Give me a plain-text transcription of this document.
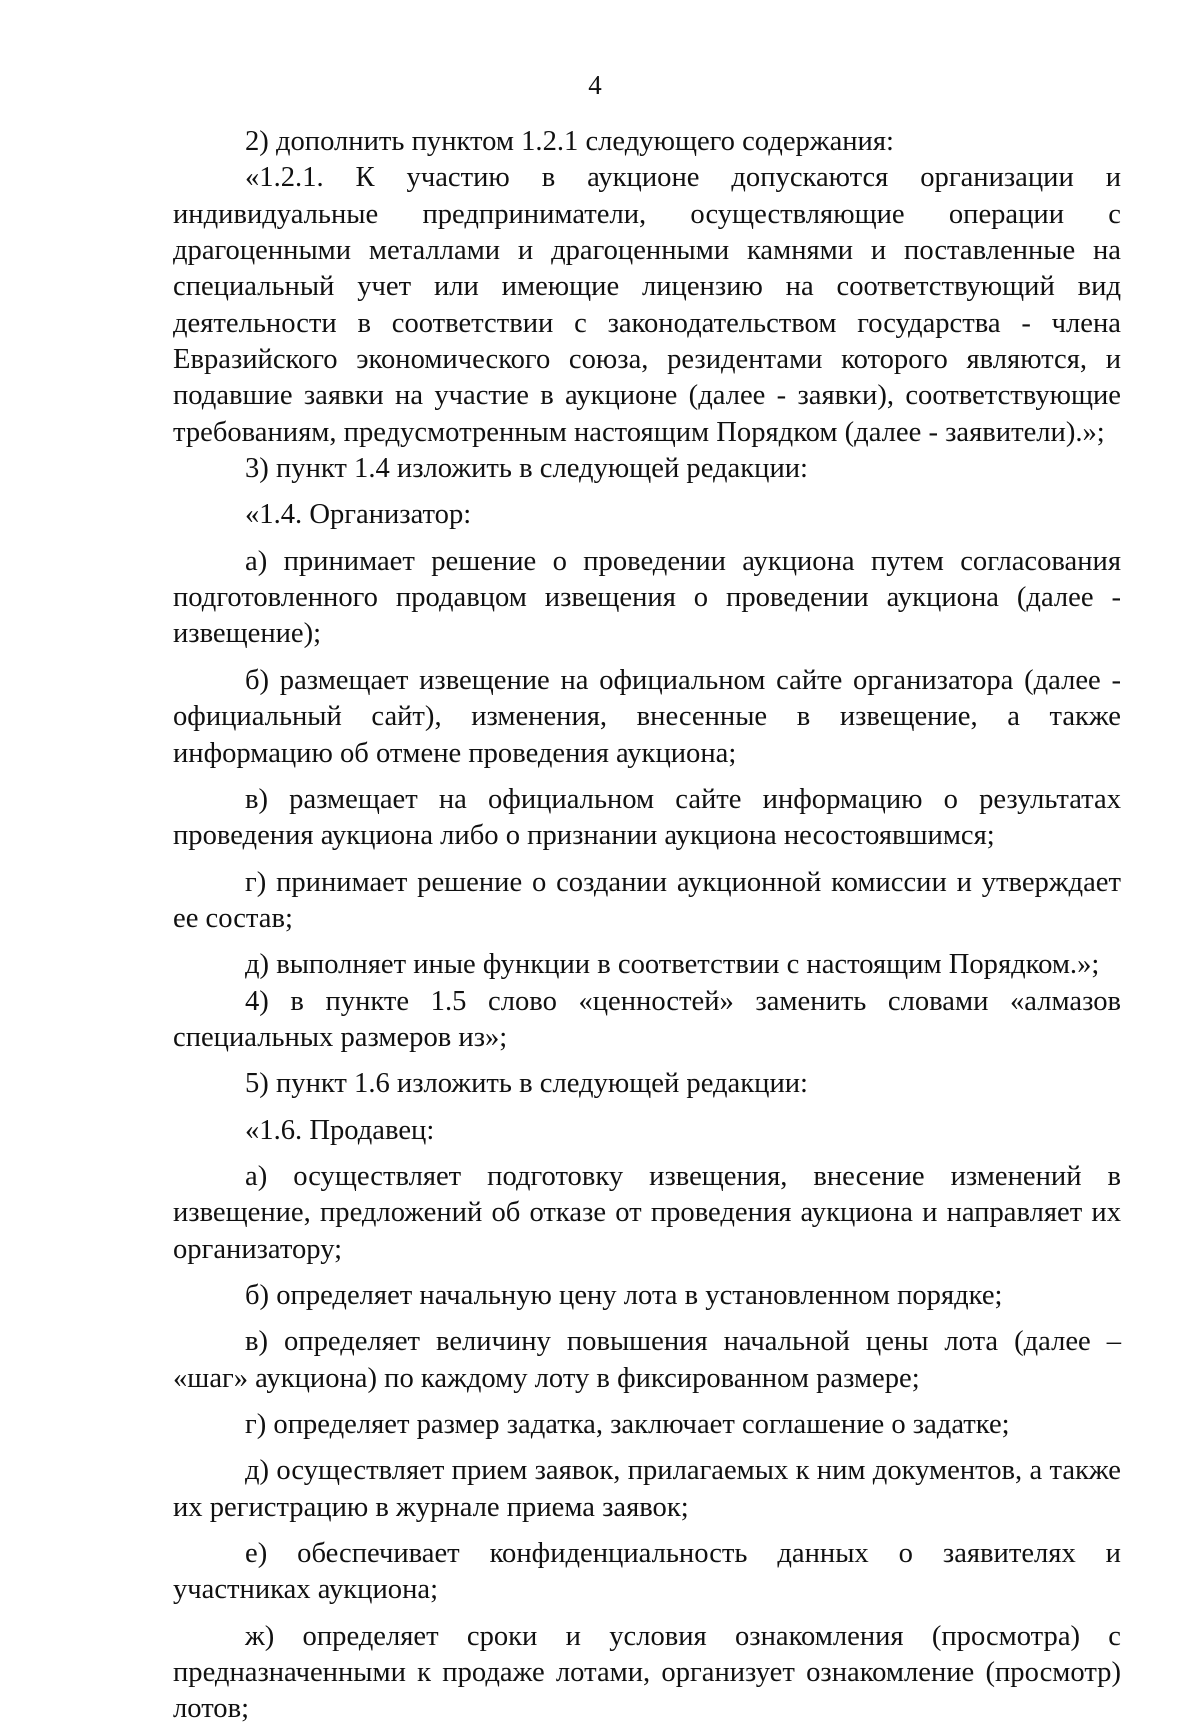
4

2) дополнить пунктом 1.2.1 следующего содержания:

«1.2.1. К участию в аукционе допускаются организации и индивидуальные предприниматели, осуществляющие операции с драгоценными металлами и драгоценными камнями и поставленные на специальный учет или имеющие лицензию на соответствующий вид деятельности в соответствии с законодательством государства - члена Евразийского экономического союза, резидентами которого являются, и подавшие заявки на участие в аукционе (далее - заявки), соответствующие требованиям, предусмотренным настоящим Порядком (далее - заявители).»;

3) пункт 1.4 изложить в следующей редакции:

«1.4. Организатор:

а) принимает решение о проведении аукциона путем согласования подготовленного продавцом извещения о проведении аукциона (далее - извещение);

б) размещает извещение на официальном сайте организатора (далее - официальный сайт), изменения, внесенные в извещение, а также информацию об отмене проведения аукциона;

в) размещает на официальном сайте информацию о результатах проведения аукциона либо о признании аукциона несостоявшимся;

г) принимает решение о создании аукционной комиссии и утверждает ее состав;

д) выполняет иные функции в соответствии с настоящим Порядком.»;

4) в пункте 1.5 слово «ценностей» заменить словами «алмазов специальных размеров из»;

5) пункт 1.6 изложить в следующей редакции:

«1.6. Продавец:

а) осуществляет подготовку извещения, внесение изменений в извещение, предложений об отказе от проведения аукциона и направляет их организатору;

б) определяет начальную цену лота в установленном порядке;

в) определяет величину повышения начальной цены лота (далее – «шаг» аукциона) по каждому лоту в фиксированном размере;

г) определяет размер задатка, заключает соглашение о задатке;

д) осуществляет прием заявок, прилагаемых к ним документов, а также их регистрацию в журнале приема заявок;

е) обеспечивает конфиденциальность данных о заявителях и участниках аукциона;

ж) определяет сроки и условия ознакомления (просмотра) с предназначенными к продаже лотами, организует ознакомление (просмотр) лотов;
